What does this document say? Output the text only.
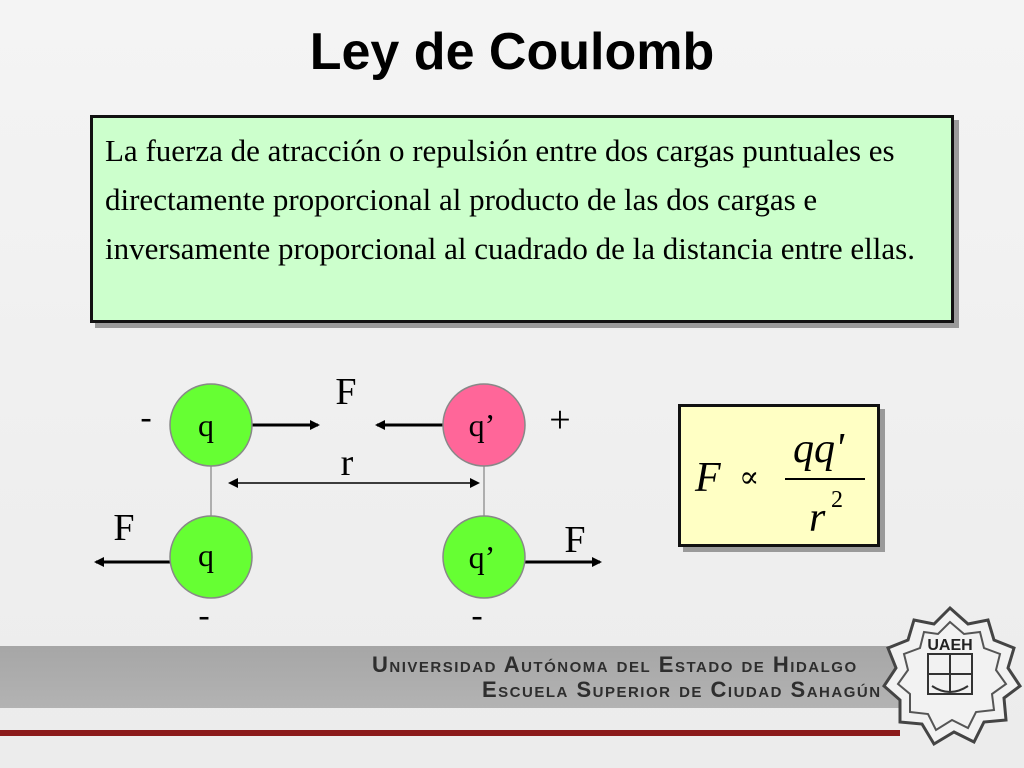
Ley de Coulomb
La fuerza de atracción o repulsión entre dos cargas puntuales es directamente proporcional al producto de las dos cargas e inversamente proporcional al cuadrado de la distancia entre ellas.
q	q’
q	q’
-	+
-	-
F
r
F	F
F ∝
qq'
r 2
Universidad Autónoma del Estado de Hidalgo
Escuela Superior de Ciudad Sahagún
UAEH
